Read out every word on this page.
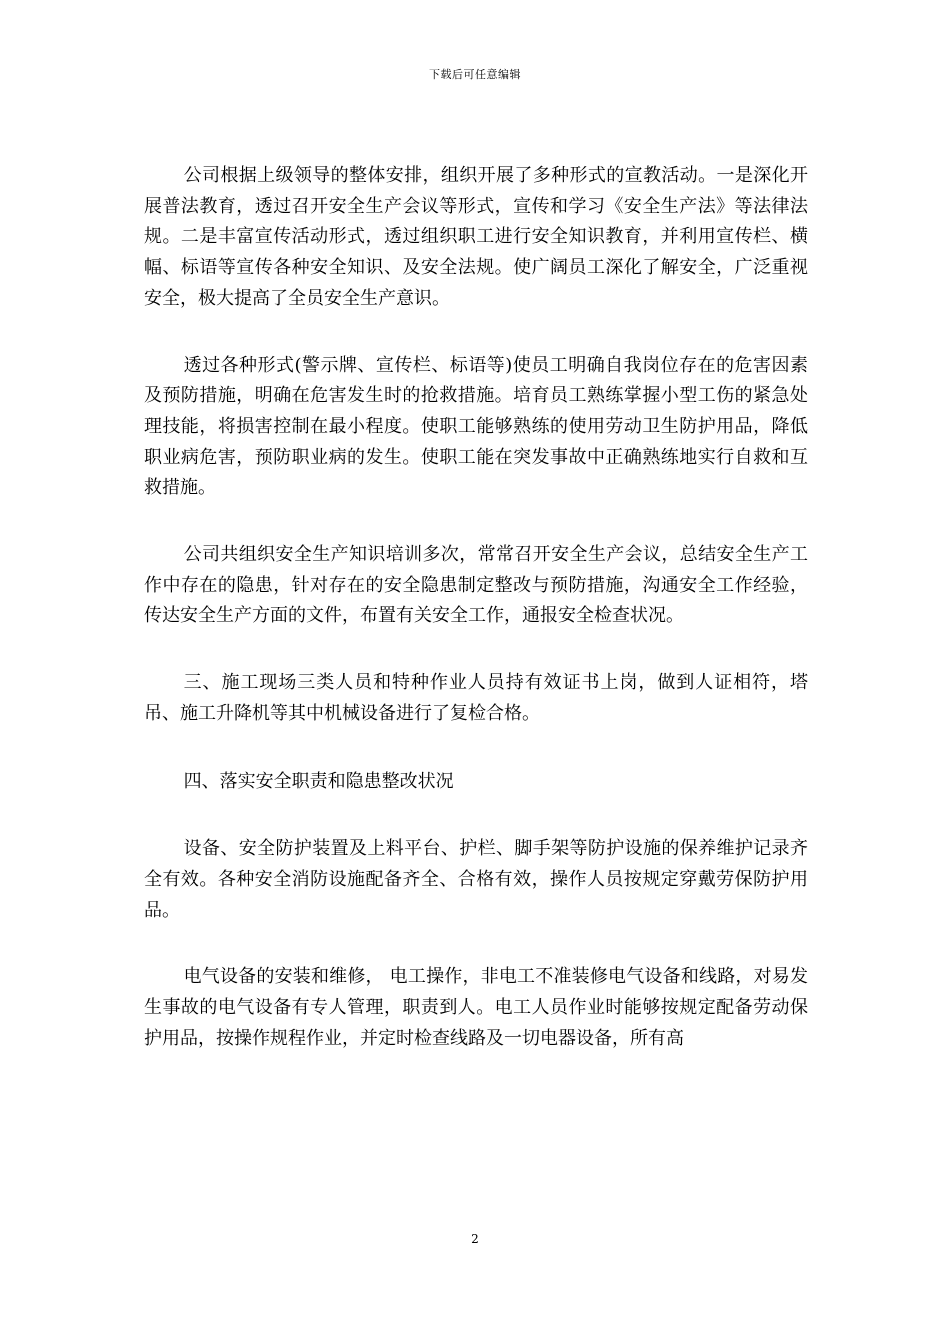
下载后可任意编辑

公司根据上级领导的整体安排，组织开展了多种形式的宣教活动。一是深化开展普法教育，透过召开安全生产会议等形式，宣传和学习《安全生产法》等法律法规。二是丰富宣传活动形式，透过组织职工进行安全知识教育，并利用宣传栏、横幅、标语等宣传各种安全知识、及安全法规。使广阔员工深化了解安全，广泛重视安全，极大提高了全员安全生产意识。

透过各种形式(警示牌、宣传栏、标语等)使员工明确自我岗位存在的危害因素及预防措施，明确在危害发生时的抢救措施。培育员工熟练掌握小型工伤的紧急处理技能，将损害控制在最小程度。使职工能够熟练的使用劳动卫生防护用品，降低职业病危害，预防职业病的发生。使职工能在突发事故中正确熟练地实行自救和互救措施。

公司共组织安全生产知识培训多次，常常召开安全生产会议，总结安全生产工作中存在的隐患，针对存在的安全隐患制定整改与预防措施，沟通安全工作经验，传达安全生产方面的文件，布置有关安全工作，通报安全检查状况。

三、施工现场三类人员和特种作业人员持有效证书上岗，做到人证相符，塔吊、施工升降机等其中机械设备进行了复检合格。

四、落实安全职责和隐患整改状况

设备、安全防护装置及上料平台、护栏、脚手架等防护设施的保养维护记录齐全有效。各种安全消防设施配备齐全、合格有效，操作人员按规定穿戴劳保防护用品。

电气设备的安装和维修， 电工操作，非电工不准装修电气设备和线路，对易发生事故的电气设备有专人管理，职责到人。电工人员作业时能够按规定配备劳动保护用品，按操作规程作业，并定时检查线路及一切电器设备，所有高

2
